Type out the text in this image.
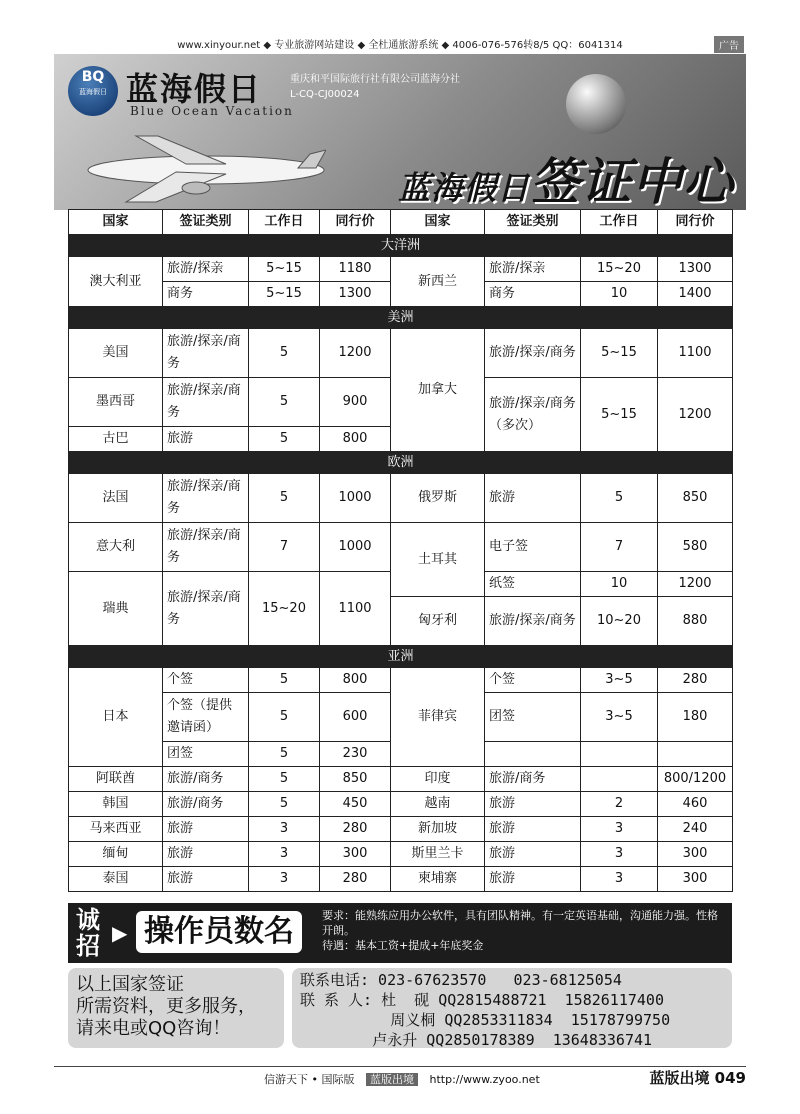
www.xinyour.net ◆ 专业旅游网站建设 ◆ 全杜通旅游系统 ◆ 4006-076-576转8/5 QQ：6041314	广告
BQ
蓝海假日 蓝海假日
Blue Ocean Vacation
重庆和平国际旅行社有限公司蓝海分社
L-CQ-CJ00024
蓝海假日签证中心
国家	签证类别	工作日	同行价	国家	签证类别	工作日	同行价
大洋洲							
澳大利亚	旅游/探亲	5~15	1180	新西兰	旅游/探亲	15~20	1300
	商务	5~15	1300		商务	10	1400
美洲							
美国	旅游/探亲/商务	5	1200	加拿大	旅游/探亲/商务	5~15	1100
墨西哥	旅游/探亲/商务	5	900		旅游/探亲/商务（多次）	5~15	1200
古巴	旅游	5	800				
欧洲							
法国	旅游/探亲/商务	5	1000	俄罗斯	旅游	5	850
意大利	旅游/探亲/商务	7	1000	土耳其	电子签	7	580
瑞典	旅游/探亲/商务	15~20	1100		纸签	10	1200
				匈牙利	旅游/探亲/商务	10~20	880
亚洲							
日本	个签	5	800	菲律宾	个签	3~5	280
	个签（提供邀请函）	5	600		团签	3~5	180
	团签	5	230				
阿联酋	旅游/商务	5	850	印度	旅游/商务		800/1200
韩国	旅游/商务	5	450	越南	旅游	2	460
马来西亚	旅游	3	280	新加坡	旅游	3	240
缅甸	旅游	3	300	斯里兰卡	旅游	3	300
泰国	旅游	3	280	柬埔寨	旅游	3	300
诚招 ▶ 操作员数名	要求：能熟练应用办公软件，具有团队精神。有一定英语基础，沟通能力强。性格开朗。
待遇：基本工资+提成+年底奖金
以上国家签证
所需资料，更多服务，
请来电或QQ咨询！
联系电话: 023-67623570   023-68125054
联 系 人: 杜  砚 QQ2815488721  15826117400
周义桐 QQ2853311834  15178799750
卢永升 QQ2850178389  13648336741
信游天下 • 国际版 蓝版出境 http://www.zyoo.net	蓝版出境 049
